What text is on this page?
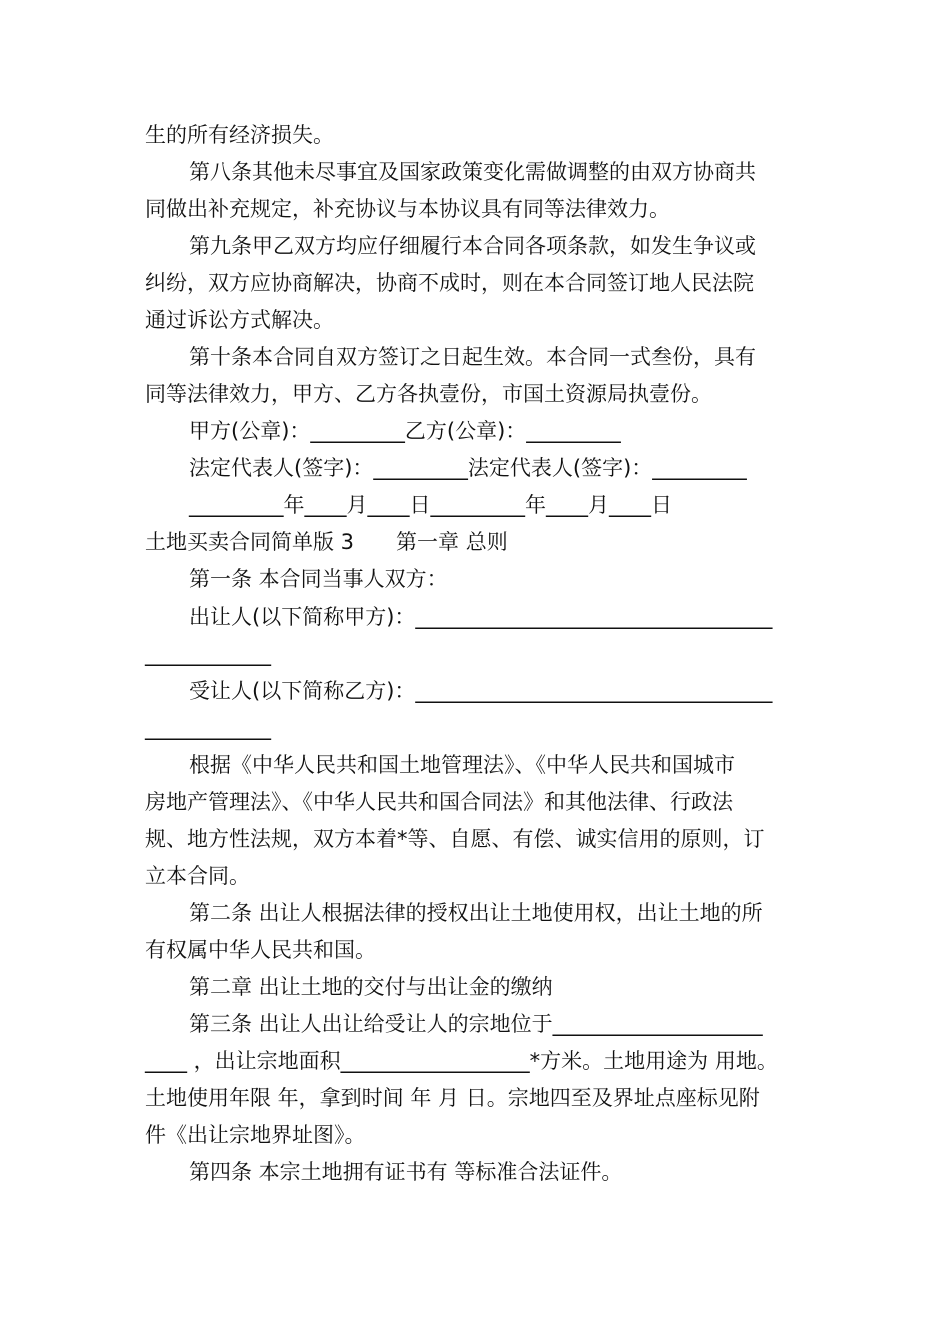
生的所有经济损失。
第八条其他未尽事宜及国家政策变化需做调整的由双方协商共
同做出补充规定，补充协议与本协议具有同等法律效力。
第九条甲乙双方均应仔细履行本合同各项条款，如发生争议或
纠纷，双方应协商解决，协商不成时，则在本合同签订地人民法院
通过诉讼方式解决。
第十条本合同自双方签订之日起生效。本合同一式叁份，具有
同等法律效力，甲方、乙方各执壹份，市国土资源局执壹份。
甲方(公章)：_________乙方(公章)：_________
法定代表人(签字)：_________法定代表人(签字)：_________
_________年____月____日_________年____月____日
土地买卖合同简单版 3　　第一章 总则
第一条 本合同当事人双方：
出让人(以下简称甲方)：__________________________________
____________
受让人(以下简称乙方)：__________________________________
____________
根据《中华人民共和国土地管理法》、《中华人民共和国城市
房地产管理法》、《中华人民共和国合同法》和其他法律、行政法
规、地方性法规，双方本着*等、自愿、有偿、诚实信用的原则，订
立本合同。
第二条 出让人根据法律的授权出让土地使用权，出让土地的所
有权属中华人民共和国。
第二章 出让土地的交付与出让金的缴纳
第三条 出让人出让给受让人的宗地位于____________________
____ ，出让宗地面积__________________*方米。土地用途为 用地。
土地使用年限 年，拿到时间 年 月 日。宗地四至及界址点座标见附
件《出让宗地界址图》。
第四条 本宗土地拥有证书有 等标准合法证件。
